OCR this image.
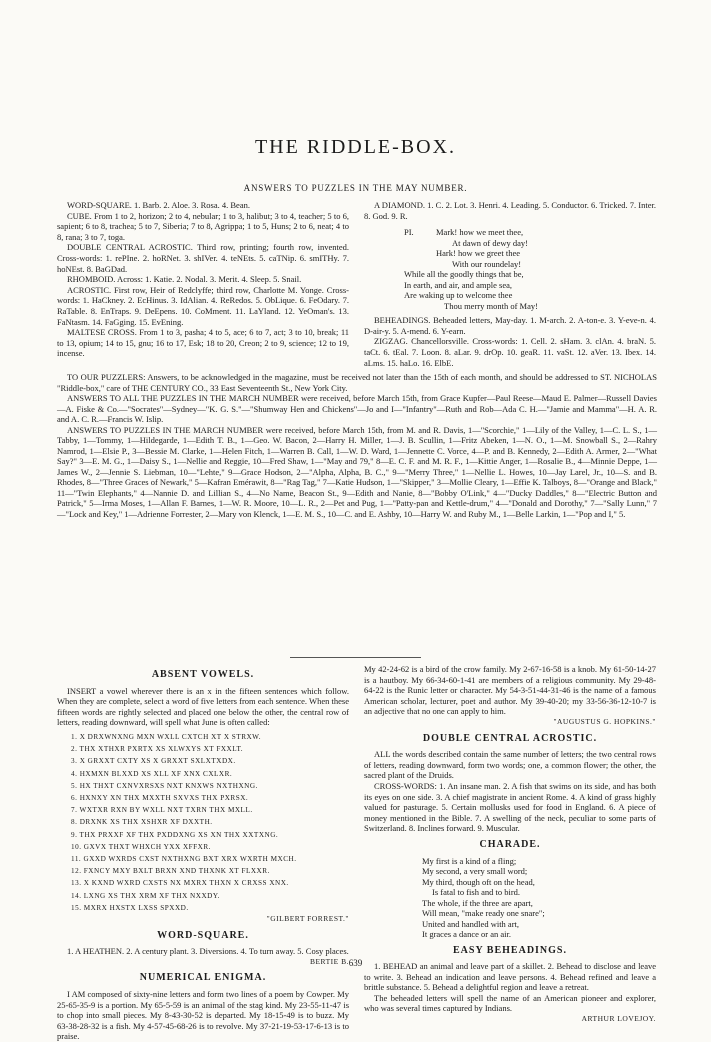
THE RIDDLE-BOX.
ANSWERS TO PUZZLES IN THE MAY NUMBER.

WORD-SQUARE. 1. Barb. 2. Aloe. 3. Rosa. 4. Bean.

CUBE. From 1 to 2, horizon; 2 to 4, nebular; 1 to 3, halibut; 3 to 4, teacher; 5 to 6, sapient; 6 to 8, trachea; 5 to 7, Siberia; 7 to 8, Agrippa; 1 to 5, Huns; 2 to 6, neat; 4 to 8, rana; 3 to 7, toga.

DOUBLE CENTRAL ACROSTIC. Third row, printing; fourth row, invented. Cross-words: 1. rePIne. 2. hoRNet. 3. shIVer. 4. teNEts. 5. caTNip. 6. smITHy. 7. hoNEst. 8. BaGDad.

RHOMBOID. Across: 1. Katie. 2. Nodal. 3. Merit. 4. Sleep. 5. Snail.

ACROSTIC. First row, Heir of Redclyffe; third row, Charlotte M. Yonge. Cross-words: 1. HaCkney. 2. EcHinus. 3. IdAlian. 4. ReRedos. 5. ObLique. 6. FeOdary. 7. RaTable. 8. EnTraps. 9. DeEpens. 10. CoMment. 11. LaYland. 12. YeOman's. 13. FaNtasm. 14. FaGging. 15. EvEning.

MALTESE CROSS. From 1 to 3, pasha; 4 to 5, ace; 6 to 7, act; 3 to 10, break; 11 to 13, opium; 14 to 15, gnu; 16 to 17, Esk; 18 to 20, Creon; 2 to 9, science; 12 to 19, incense.

A DIAMOND. 1. C. 2. Lot. 3. Henri. 4. Leading. 5. Conductor. 6. Tricked. 7. Inter. 8. God. 9. R.

PI.	Mark! how we meet thee,
At dawn of dewy day!
Hark! how we greet thee
With our roundelay!
While all the goodly things that be,
In earth, and air, and ample sea,
Are waking up to welcome thee
Thou merry month of May!

BEHEADINGS. Beheaded letters, May-day. 1. M-arch. 2. A-ton-e. 3. Y-eve-n. 4. D-air-y. 5. A-mend. 6. Y-earn.

ZIGZAG. Chancellorsville. Cross-words: 1. Cell. 2. sHam. 3. clAn. 4. braN. 5. taCt. 6. tEal. 7. Loon. 8. aLar. 9. drOp. 10. geaR. 11. vaSt. 12. aVer. 13. Ibex. 14. aLms. 15. haLo. 16. ElbE.

TO OUR PUZZLERS: Answers, to be acknowledged in the magazine, must be received not later than the 15th of each month, and should be addressed to ST. NICHOLAS "Riddle-box," care of THE CENTURY CO., 33 East Seventeenth St., New York City.

ANSWERS TO ALL THE PUZZLES IN THE MARCH NUMBER were received, before March 15th, from Grace Kupfer—Paul Reese—Maud E. Palmer—Russell Davies—A. Fiske & Co.—"Socrates"—Sydney—"K. G. S."—"Shumway Hen and Chickens"—Jo and I—"Infantry"—Ruth and Rob—Ada C. H.—"Jamie and Mamma"—H. A. R. and A. C. R.—Francis W. Islip.

ANSWERS TO PUZZLES IN THE MARCH NUMBER were received, before March 15th, from M. and R. Davis, 1—"Scorchie," 1—Lily of the Valley, 1—C. L. S., 1—Tabby, 1—Tommy, 1—Hildegarde, 1—Edith T. B., 1—Geo. W. Bacon, 2—Harry H. Miller, 1—J. B. Scullin, 1—Fritz Abeken, 1—N. O., 1—M. Snowball S., 2—Rahry Namrod, 1—Elsie P., 3—Bessie M. Clarke, 1—Helen Fitch, 1—Warren B. Call, 1—W. D. Ward, 1—Jennette C. Vorce, 4—P. and B. Kennedy, 2—Edith A. Armer, 2—"What Say?" 3—E. M. G., 1—Daisy S., 1—Nellie and Reggie, 10—Fred Shaw, 1—"May and 79," 8—E. C. F. and M. R. F., 1—Kittie Anger, 1—Rosalie B., 4—Minnie Deppe, 1—James W., 2—Jennie S. Liebman, 10—"Lehte," 9—Grace Hodson, 2—"Alpha, Alpha, B. C.," 9—"Merry Three," 1—Nellie L. Howes, 10—Jay Larel, Jr., 10—S. and B. Rhodes, 8—"Three Graces of Newark," 5—Kafran Emérawit, 8—"Rag Tag," 7—Katie Hudson, 1—"Skipper," 3—Mollie Cleary, 1—Effie K. Talboys, 8—"Orange and Black," 11—"Twin Elephants," 4—Nannie D. and Lillian S., 4—No Name, Beacon St., 9—Edith and Nanie, 8—"Bobby O'Link," 4—"Ducky Daddles," 8—"Electric Button and Patrick," 5—Irma Moses, 1—Allan F. Barnes, 1—W. R. Moore, 10—L. R., 2—Pet and Pug, 1—"Patty-pan and Kettle-drum," 4—"Donald and Dorothy," 7—"Sally Lunn," 7—"Lock and Key," 1—Adrienne Forrester, 2—Mary von Klenck, 1—E. M. S., 10—C. and E. Ashby, 10—Harry W. and Ruby M., 1—Belle Larkin, 1—"Pop and I," 5.

ABSENT VOWELS.

INSERT a vowel wherever there is an x in the fifteen sentences which follow. When they are complete, select a word of five letters from each sentence. When these fifteen words are rightly selected and placed one below the other, the central row of letters, reading downward, will spell what June is often called:

1. X DRXWNXNG MXN WXLL CXTCH XT X STRXW.
2. THX XTHXR PXRTX XS XLWXYS XT FXXLT.
3. X GRXXT CXTY XS X GRXXT SXLXTXDX.
4. HXMXN BLXXD XS XLL XF XNX CXLXR.
5. HX THXT CXNVXRSXS NXT KNXWS NXTHXNG.
6. HXNXY XN THX MXXTH SXVXS THX PXRSX.
7. WXTXR RXN BY WXLL NXT TXRN THX MXLL.
8. DRXNK XS THX XSHXR XF DXXTH.
9. THX PRXXF XF THX PXDDXNG XS XN THX XXTXNG.
10. GXVX THXT WHXCH YXX XFFXR.
11. GXXD WXRDS CXST NXTHXNG BXT XRX WXRTH MXCH.
12. FXNCY MXY BXLT BRXN XND THXNK XT FLXXR.
13. X KXND WXRD CXSTS NX MXRX THXN X CRXSS XNX.
14. LXNG XS THX XRM XF THX NXXDY.
15. MXRX HXSTX LXSS SPXXD.
"GILBERT FORREST."
WORD-SQUARE.

1. A HEATHEN. 2. A century plant. 3. Diversions. 4. To turn away. 5. Cosy places.

BERTIE B.
NUMERICAL ENIGMA.

I AM composed of sixty-nine letters and form two lines of a poem by Cowper. My 25-65-35-9 is a portion. My 65-5-59 is an animal of the stag kind. My 23-55-11-47 is to chop into small pieces. My 8-43-30-52 is departed. My 18-15-49 is to buzz. My 63-38-28-32 is a fish. My 4-57-45-68-26 is to revolve. My 37-21-19-53-17-6-13 is to praise.

My 42-24-62 is a bird of the crow family. My 2-67-16-58 is a knob. My 61-50-14-27 is a hautboy. My 66-34-60-1-41 are members of a religious community. My 29-48-64-22 is the Runic letter or character. My 54-3-51-44-31-46 is the name of a famous American scholar, lecturer, poet and author. My 39-40-20; my 33-56-36-12-10-7 is an adjective that no one can apply to him.

"AUGUSTUS G. HOPKINS."
DOUBLE CENTRAL ACROSTIC.

ALL the words described contain the same number of letters; the two central rows of letters, reading downward, form two words; one, a common flower; the other, the sacred plant of the Druids.

CROSS-WORDS: 1. An insane man. 2. A fish that swims on its side, and has both its eyes on one side. 3. A chief magistrate in ancient Rome. 4. A kind of grass highly valued for pasturage. 5. Certain mollusks used for food in England. 6. A piece of money mentioned in the Bible. 7. A swelling of the neck, peculiar to some parts of Switzerland. 8. Inclines forward. 9. Muscular.

CHARADE.
My first is a kind of a fling;
My second, a very small word;
My third, though oft on the head,
Is fatal to fish and to bird.
The whole, if the three are apart,
Will mean, "make ready one snare";
United and handled with art,
It graces a dance or an air.
EASY BEHEADINGS.

1. BEHEAD an animal and leave part of a skillet. 2. Behead to disclose and leave to write. 3. Behead an indication and leave persons. 4. Behead refined and leave a brittle substance. 5. Behead a delightful region and leave a retreat.

The beheaded letters will spell the name of an American pioneer and explorer, who was several times captured by Indians.

ARTHUR LOVEJOY.
639
